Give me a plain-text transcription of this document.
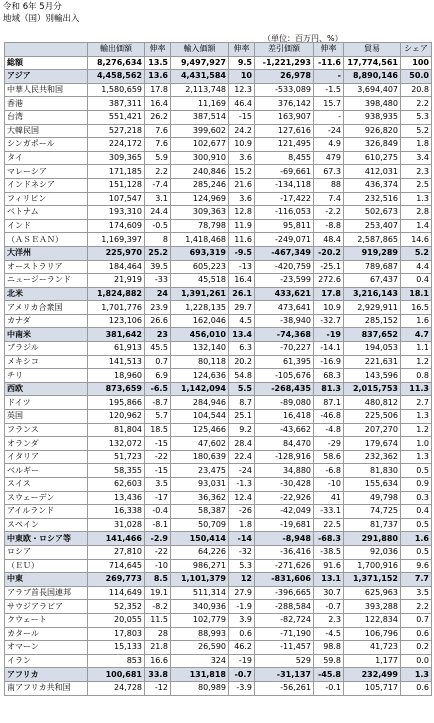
令和 6年 5月分
地域（国）別輸出入
（単位：百万円、%）
	輸出価額	伸率	輸入価額	伸率	差引価額	伸率	貿易	シェア
総額	8,276,634	13.5	9,497,927	9.5	-1,221,293	-11.6	17,774,561	100
アジア	4,458,562	13.6	4,431,584	10	26,978	-	8,890,146	50.0
中華人民共和国	1,580,659	17.8	2,113,748	12.3	-533,089	-1.5	3,694,407	20.8
香港	387,311	16.4	11,169	46.4	376,142	15.7	398,480	2.2
台湾	551,421	26.2	387,514	-15	163,907	-	938,935	5.3
大韓民国	527,218	7.6	399,602	24.2	127,616	-24	926,820	5.2
シンガポール	224,172	7.6	102,677	10.9	121,495	4.9	326,849	1.8
タイ	309,365	5.9	300,910	3.6	8,455	479	610,275	3.4
マレーシア	171,185	2.2	240,846	15.2	-69,661	67.3	412,031	2.3
インドネシア	151,128	-7.4	285,246	21.6	-134,118	88	436,374	2.5
フィリピン	107,547	3.1	124,969	3.6	-17,422	7.4	232,516	1.3
ベトナム	193,310	24.4	309,363	12.8	-116,053	-2.2	502,673	2.8
インド	174,609	-0.5	78,798	11.9	95,811	-8.8	253,407	1.4
（ＡＳＥＡＮ）	1,169,397	8	1,418,468	11.6	-249,071	48.4	2,587,865	14.6
大洋州	225,970	25.2	693,319	-9.5	-467,349	-20.2	919,289	5.2
オーストラリア	184,464	39.5	605,223	-13	-420,759	-25.1	789,687	4.4
ニュージーランド	21,919	-33	45,518	16.4	-23,599	272.6	67,437	0.4
北米	1,824,882	24	1,391,261	26.1	433,621	17.8	3,216,143	18.1
アメリカ合衆国	1,701,776	23.9	1,228,135	29.7	473,641	10.9	2,929,911	16.5
カナダ	123,106	26.6	162,046	4.5	-38,940	-32.7	285,152	1.6
中南米	381,642	23	456,010	13.4	-74,368	-19	837,652	4.7
ブラジル	61,913	45.5	132,140	6.3	-70,227	-14.1	194,053	1.1
メキシコ	141,513	0.7	80,118	20.2	61,395	-16.9	221,631	1.2
チリ	18,960	6.9	124,636	54.8	-105,676	68.3	143,596	0.8
西欧	873,659	-6.5	1,142,094	5.5	-268,435	81.3	2,015,753	11.3
ドイツ	195,866	-8.7	284,946	8.7	-89,080	87.1	480,812	2.7
英国	120,962	5.7	104,544	25.1	16,418	-46.8	225,506	1.3
フランス	81,804	18.5	125,466	9.2	-43,662	-4.8	207,270	1.2
オランダ	132,072	-15	47,602	28.4	84,470	-29	179,674	1.0
イタリア	51,723	-22	180,639	22.4	-128,916	58.6	232,362	1.3
ベルギー	58,355	-15	23,475	-24	34,880	-6.8	81,830	0.5
スイス	62,603	3.5	93,031	-1.3	-30,428	-10	155,634	0.9
スウェーデン	13,436	-17	36,362	12.4	-22,926	41	49,798	0.3
アイルランド	16,338	-0.4	58,387	-26	-42,049	-33.1	74,725	0.4
スペイン	31,028	-8.1	50,709	1.8	-19,681	22.5	81,737	0.5
中東欧・ロシア等	141,466	-2.9	150,414	-14	-8,948	-68.3	291,880	1.6
ロシア	27,810	-22	64,226	-32	-36,416	-38.5	92,036	0.5
（ＥＵ）	714,645	-10	986,271	5.3	-271,626	91.6	1,700,916	9.6
中東	269,773	8.5	1,101,379	12	-831,606	13.1	1,371,152	7.7
アラブ首長国連邦	114,649	19.1	511,314	27.9	-396,665	30.7	625,963	3.5
サウジアラビア	52,352	-8.2	340,936	-1.9	-288,584	-0.7	393,288	2.2
クウェート	20,055	11.5	102,779	3.9	-82,724	2.3	122,834	0.7
カタール	17,803	28	88,993	0.6	-71,190	-4.5	106,796	0.6
オマーン	15,133	21.8	26,590	46.2	-11,457	98.8	41,723	0.2
イラン	853	16.6	324	-19	529	59.8	1,177	0.0
アフリカ	100,681	33.8	131,818	-0.7	-31,137	-45.8	232,499	1.3
南アフリカ共和国	24,728	-12	80,989	-3.9	-56,261	-0.1	105,717	0.6
